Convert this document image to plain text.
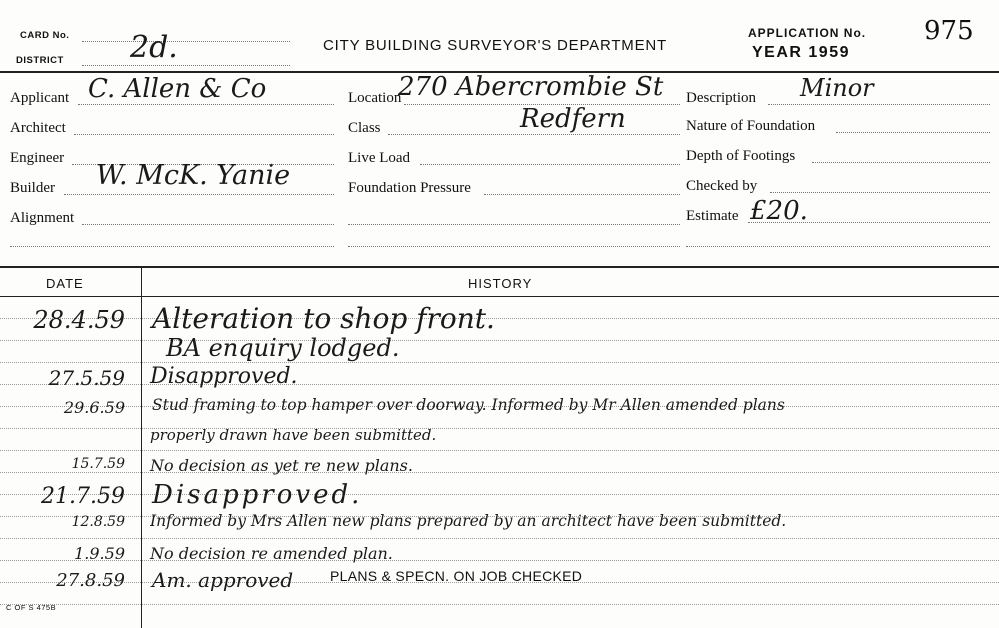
CARD No.
DISTRICT 2d.	CITY BUILDING SURVEYOR'S DEPARTMENT
APPLICATION No.
YEAR 1959
975
Applicant C. Allen & Co
Architect
Engineer
Builder W. McK. Yanie
Alignment
Location
270 Abercrombie St
Class	Redfern
Live Load
Foundation Pressure
Description Minor
Nature of Foundation
Depth of Footings
Checked by
Estimate £20.
DATE	HISTORY
28.4.59 Alteration to shop front.
BA enquiry lodged.
27.5.59 Disapproved.
29.6.59 Stud framing to top hamper over doorway. Informed by Mr Allen amended plans
properly drawn have been submitted.
15.7.59 No decision as yet re new plans.
21.7.59 Disapproved.
12.8.59 Informed by Mrs Allen new plans prepared by an architect have been submitted.
1.9.59 No decision re amended plan.
27.8.59 Am. approved	PLANS & SPECN. ON JOB CHECKED
C OF S 475B
